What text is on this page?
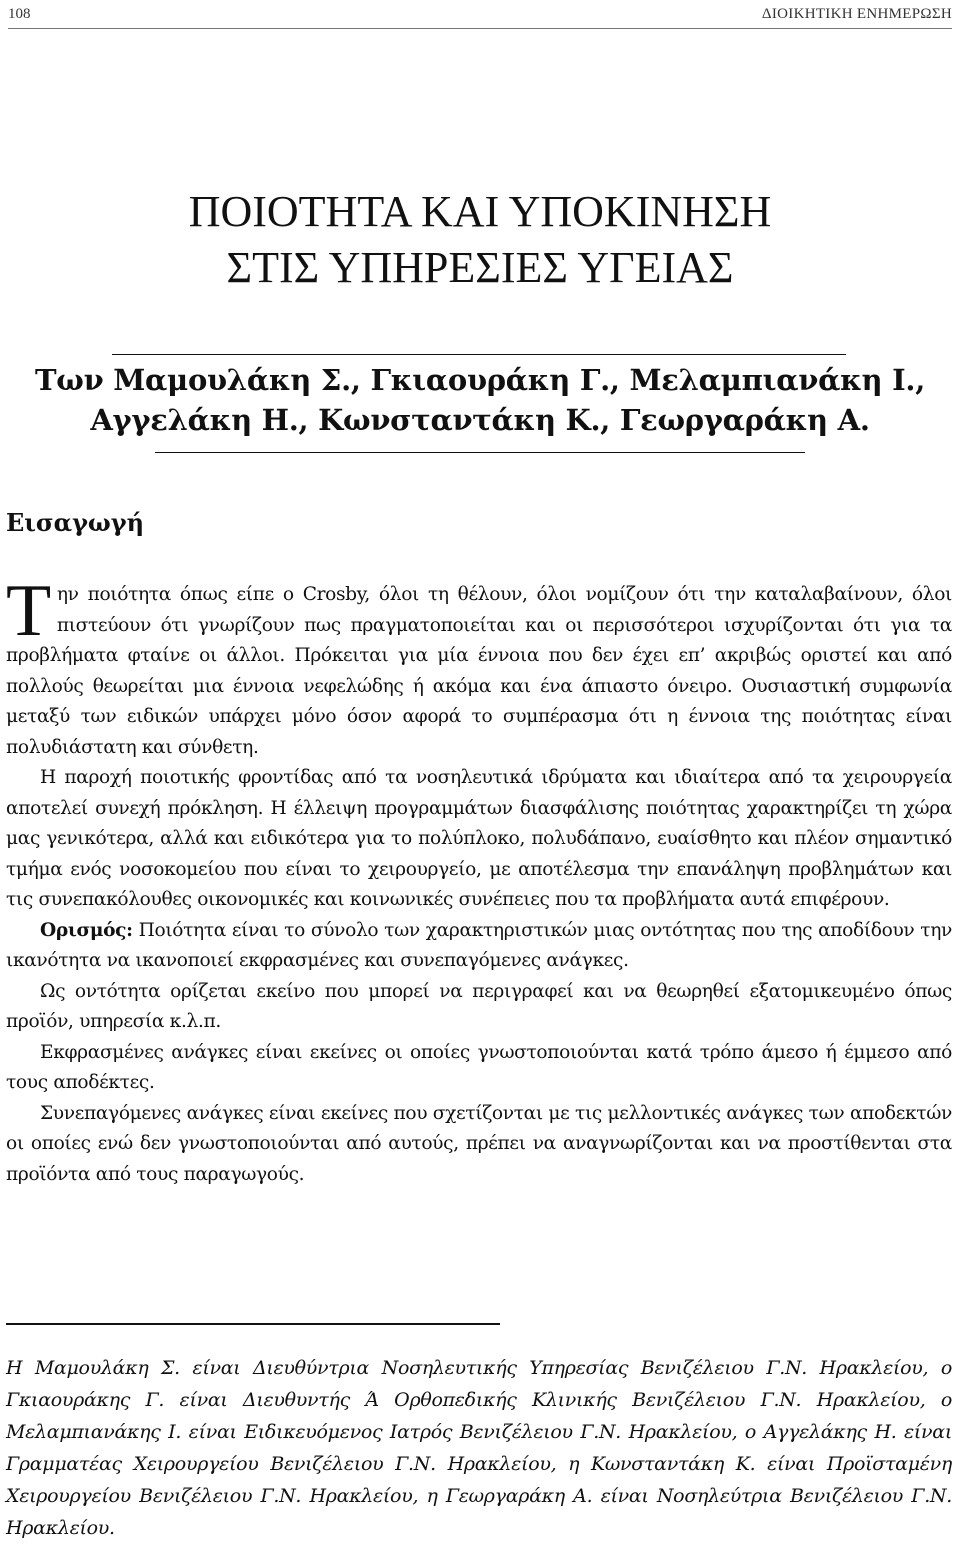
108	ΔΙΟΙΚΗΤΙΚΗ ΕΝΗΜΕΡΩΣΗ
ΠΟΙΟΤΗΤΑ ΚΑΙ ΥΠΟΚΙΝΗΣΗ
ΣΤΙΣ ΥΠΗΡΕΣΙΕΣ ΥΓΕΙΑΣ
Των Μαμουλάκη Σ., Γκιαουράκη Γ., Μελαμπιανάκη Ι.,
Αγγελάκη Η., Κωνσταντάκη Κ., Γεωργαράκη Α.
Εισαγωγή

Την ποιότητα όπως είπε ο Crosby, όλοι τη θέλουν, όλοι νομίζουν ότι την καταλαβαίνουν, όλοι πιστεύουν ότι γνωρίζουν πως πραγματοποιείται και οι περισσότεροι ισχυρίζονται ότι για τα προβλήματα φταίνε οι άλλοι. Πρόκειται για μία έννοια που δεν έχει επ’ ακριβώς οριστεί και από πολλούς θεωρείται μια έννοια νεφελώδης ή ακόμα και ένα άπιαστο όνειρο. Ουσιαστική συμφωνία μεταξύ των ειδικών υπάρχει μόνο όσον αφορά το συμπέρασμα ότι η έννοια της ποιότητας είναι πολυδιάστατη και σύνθετη.

Η παροχή ποιοτικής φροντίδας από τα νοσηλευτικά ιδρύματα και ιδιαίτερα από τα χειρουργεία αποτελεί συνεχή πρόκληση. Η έλλειψη προγραμμάτων διασφάλισης ποιότητας χαρακτηρίζει τη χώρα μας γενικότερα, αλλά και ειδικότερα για το πολύπλοκο, πολυδάπανο, ευαίσθητο και πλέον σημαντικό τμήμα ενός νοσοκομείου που είναι το χειρουργείο, με αποτέλεσμα την επανάληψη προβλημάτων και τις συνεπακόλουθες οικονομικές και κοινωνικές συνέπειες που τα προβλήματα αυτά επιφέρουν.

Ορισμός: Ποιότητα είναι το σύνολο των χαρακτηριστικών μιας οντότητας που της αποδίδουν την ικανότητα να ικανοποιεί εκφρασμένες και συνεπαγόμενες ανάγκες.

Ως οντότητα ορίζεται εκείνο που μπορεί να περιγραφεί και να θεωρηθεί εξατομικευμένο όπως προϊόν, υπηρεσία κ.λ.π.

Εκφρασμένες ανάγκες είναι εκείνες οι οποίες γνωστοποιούνται κατά τρόπο άμεσο ή έμμεσο από τους αποδέκτες.

Συνεπαγόμενες ανάγκες είναι εκείνες που σχετίζονται με τις μελλοντικές ανάγκες των αποδεκτών οι οποίες ενώ δεν γνωστοποιούνται από αυτούς, πρέπει να αναγνωρίζονται και να προστίθενται στα προϊόντα από τους παραγωγούς.

Η Μαμουλάκη Σ. είναι Διευθύντρια Νοσηλευτικής Υπηρεσίας Βενιζέλειου Γ.Ν. Ηρακλείου, ο Γκιαουράκης Γ. είναι Διευθυντής Ά Ορθοπεδικής Κλινικής Βενιζέλειου Γ.Ν. Ηρακλείου, ο Μελαμπιανάκης Ι. είναι Ειδικευόμενος Ιατρός Βενιζέλειου Γ.Ν. Ηρακλείου, ο Αγγελάκης Η. είναι Γραμματέας Χειρουργείου Βενιζέλειου Γ.Ν. Ηρακλείου, η Κωνσταντάκη Κ. είναι Προϊσταμένη Χειρουργείου Βενιζέλειου Γ.Ν. Ηρακλείου, η Γεωργαράκη Α. είναι Νοσηλεύτρια Βενιζέλειου Γ.Ν. Ηρακλείου.
